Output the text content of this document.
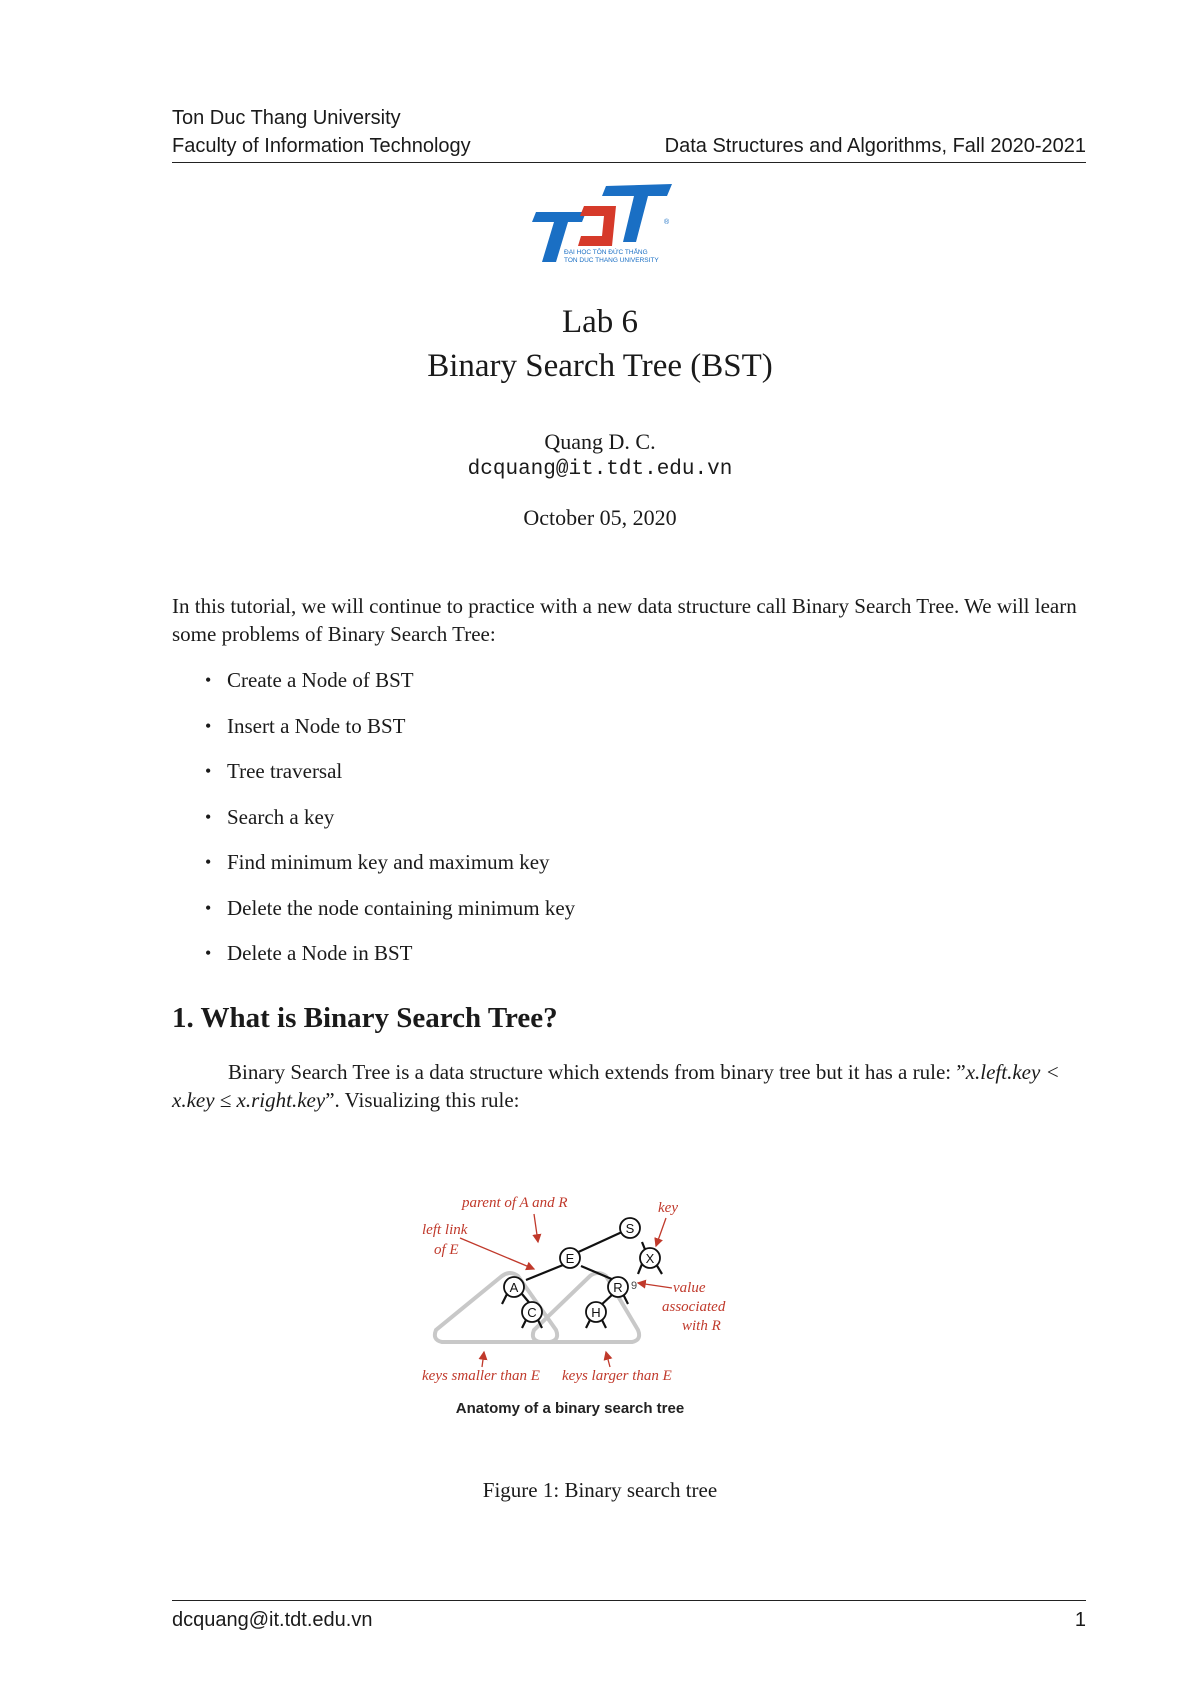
Ton Duc Thang University
Faculty of Information Technology	Data Structures and Algorithms, Fall 2020-2021
®
ĐẠI HỌC TÔN ĐỨC THẮNG
TON DUC THANG UNIVERSITY
Lab 6
Binary Search Tree (BST)
Quang D. C.
dcquang@it.tdt.edu.vn
October 05, 2020
In this tutorial, we will continue to practice with a new data structure call Binary Search Tree. We will learn some problems of Binary Search Tree:
• Create a Node of BST
• Insert a Node to BST
• Tree traversal
• Search a key
• Find minimum key and maximum key
• Delete the node containing minimum key
• Delete a Node in BST
1. What is Binary Search Tree?

Binary Search Tree is a data structure which extends from binary tree but it has a rule: ”x.left.key < x.key ≤ x.right.key”. Visualizing this rule:

S
E	X
A	R
C	H
9
parent of A and R	key
left link
of E
value
associated
with R
keys smaller than E keys larger than E
Anatomy of a binary search tree
Figure 1: Binary search tree
dcquang@it.tdt.edu.vn	1
